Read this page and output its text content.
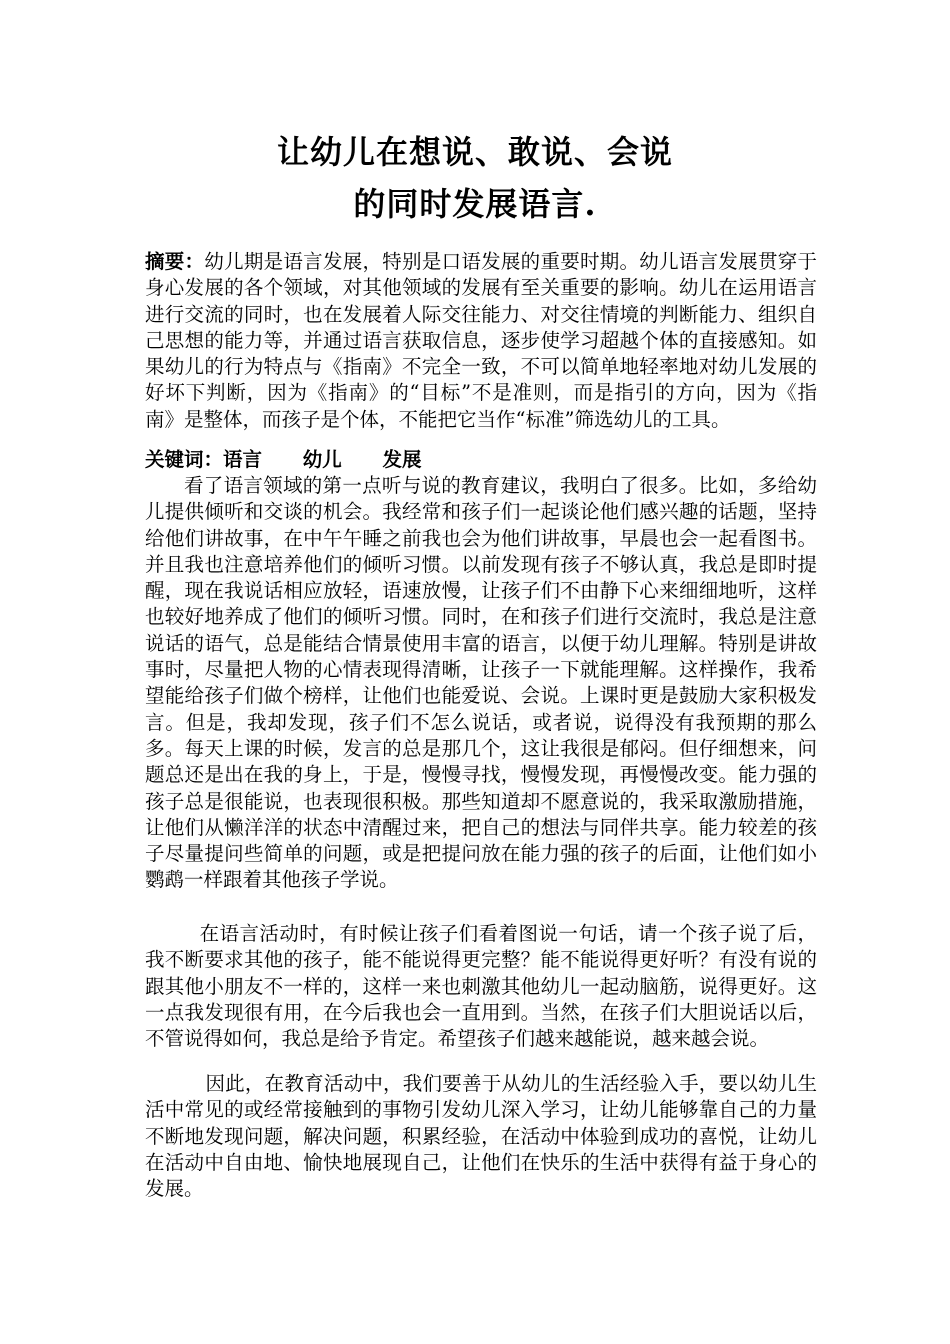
让幼儿在想说、敢说、会说
的同时发展语言.

摘要：幼儿期是语言发展，特别是口语发展的重要时期。幼儿语言发展贯穿于身心发展的各个领域，对其他领域的发展有至关重要的影响。幼儿在运用语言进行交流的同时，也在发展着人际交往能力、对交往情境的判断能力、组织自己思想的能力等，并通过语言获取信息，逐步使学习超越个体的直接感知。如果幼儿的行为特点与《指南》不完全一致，不可以简单地轻率地对幼儿发展的好坏下判断，因为《指南》的“目标”不是准则，而是指引的方向，因为《指南》是整体，而孩子是个体，不能把它当作“标准”筛选幼儿的工具。

关键词：语言      幼儿      发展

看了语言领域的第一点听与说的教育建议，我明白了很多。比如，多给幼儿提供倾听和交谈的机会。我经常和孩子们一起谈论他们感兴趣的话题，坚持给他们讲故事，在中午午睡之前我也会为他们讲故事，早晨也会一起看图书。并且我也注意培养他们的倾听习惯。以前发现有孩子不够认真，我总是即时提醒，现在我说话相应放轻，语速放慢，让孩子们不由静下心来细细地听，这样也较好地养成了他们的倾听习惯。同时，在和孩子们进行交流时，我总是注意说话的语气，总是能结合情景使用丰富的语言，以便于幼儿理解。特别是讲故事时，尽量把人物的心情表现得清晰，让孩子一下就能理解。这样操作，我希望能给孩子们做个榜样，让他们也能爱说、会说。上课时更是鼓励大家积极发言。但是，我却发现，孩子们不怎么说话，或者说，说得没有我预期的那么多。每天上课的时候，发言的总是那几个，这让我很是郁闷。但仔细想来，问题总还是出在我的身上，于是，慢慢寻找，慢慢发现，再慢慢改变。能力强的孩子总是很能说，也表现很积极。那些知道却不愿意说的，我采取激励措施，让他们从懒洋洋的状态中清醒过来，把自己的想法与同伴共享。能力较差的孩子尽量提问些简单的问题，或是把提问放在能力强的孩子的后面，让他们如小鹦鹉一样跟着其他孩子学说。

在语言活动时，有时候让孩子们看着图说一句话，请一个孩子说了后，我不断要求其他的孩子，能不能说得更完整？能不能说得更好听？有没有说的跟其他小朋友不一样的，这样一来也刺激其他幼儿一起动脑筋，说得更好。这一点我发现很有用，在今后我也会一直用到。当然，在孩子们大胆说话以后，不管说得如何，我总是给予肯定。希望孩子们越来越能说，越来越会说。

因此，在教育活动中，我们要善于从幼儿的生活经验入手，要以幼儿生活中常见的或经常接触到的事物引发幼儿深入学习，让幼儿能够靠自己的力量不断地发现问题，解决问题，积累经验，在活动中体验到成功的喜悦，让幼儿在活动中自由地、愉快地展现自己，让他们在快乐的生活中获得有益于身心的发展。
